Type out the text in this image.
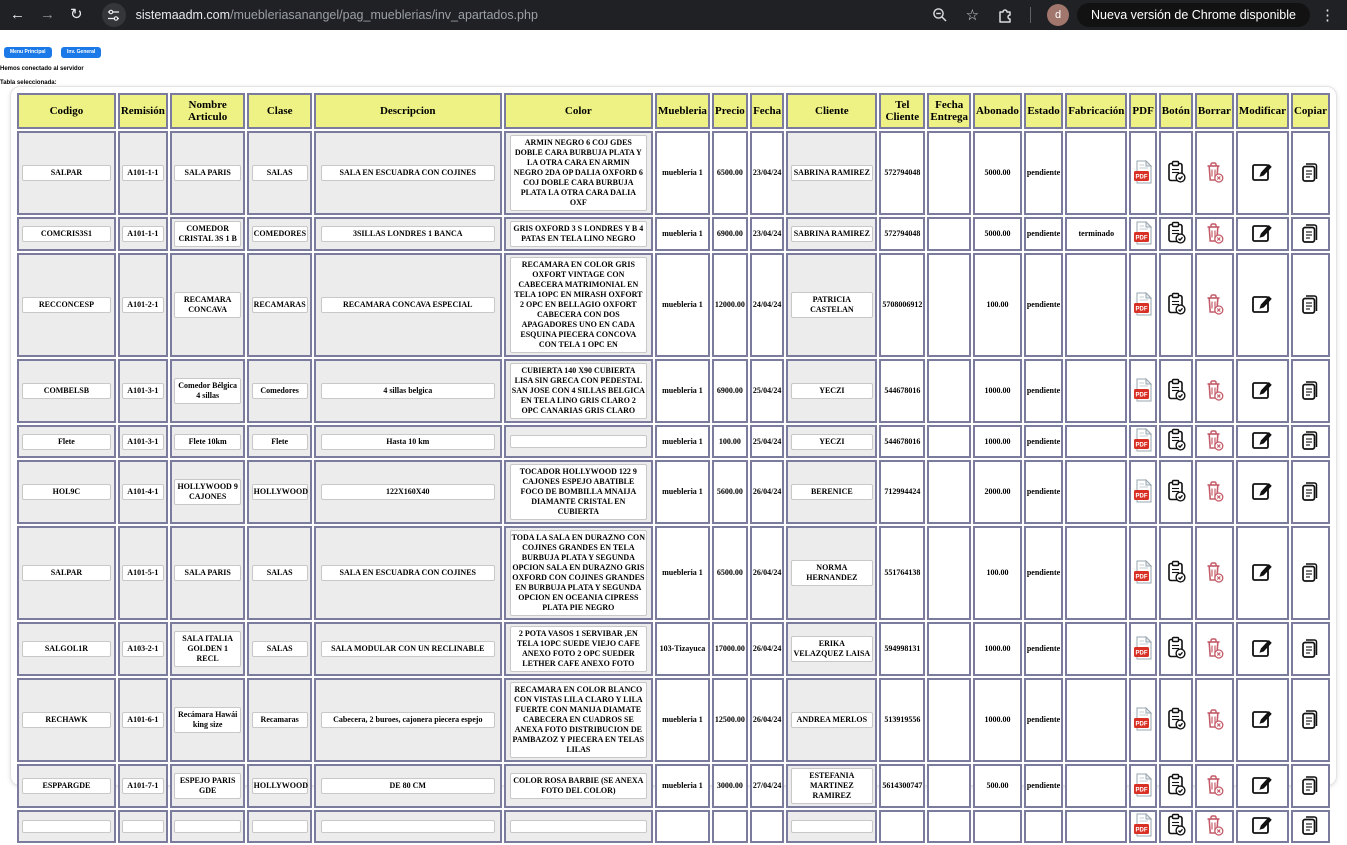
← → ↻	sistemaadm.com/muebleriasanangel/pag_mueblerias/inv_apartados.php	☆	d	Nueva versión de Chrome disponible	⋮
Menu Principal	Inv. General
Hemos conectado al servidor
Tabla seleccionada:
Codigo	Remisión	Nombre Articulo	Clase	Descripcion	Color	Muebleria	Precio	Fecha	Cliente	Tel Cliente	Fecha Entrega	Abonado	Estado	Fabricación	PDF	Botón	Borrar	Modificar	Copiar

SALPAR	A101-1-1	SALA PARIS	SALAS	SALA EN ESCUADRA CON COJINES	ARMIN NEGRO 6 COJ GDES DOBLE CARA BURBUJA PLATA Y LA OTRA CARA EN ARMIN NEGRO 2DA OP DALIA OXFORD 6 COJ DOBLE CARA BURBUJA PLATA LA OTRA CARA DALIA OXF	muebleria 1	6500.00	23/04/24	SABRINA RAMIREZ	572794048		5000.00	pendiente		PDF

COMCRIS3S1	A101-1-1	COMEDOR CRISTAL 3S 1 B	COMEDORES	3SILLAS LONDRES 1 BANCA	GRIS OXFORD 3 S LONDRES Y B 4 PATAS EN TELA LINO NEGRO	muebleria 1	6900.00	23/04/24	SABRINA RAMIREZ	572794048		5000.00	pendiente	terminado	PDF

RECCONCESP	A101-2-1	RECAMARA CONCAVA	RECAMARAS	RECAMARA CONCAVA ESPECIAL	RECAMARA EN COLOR GRIS OXFORT VINTAGE CON CABECERA MATRIMONIAL EN TELA 1OPC EN MIRASH OXFORT 2 OPC EN BELLAGIO OXFORT CABECERA CON DOS APAGADORES UNO EN CADA ESQUINA PIECERA CONCOVA CON TELA 1 OPC EN	muebleria 1	12000.00	24/04/24	PATRICIA CASTELAN	5708006912		100.00	pendiente		PDF

COMBELSB	A101-3-1	Comedor Bélgica 4 sillas	Comedores	4 sillas belgica	CUBIERTA 140 X90 CUBIERTA LISA SIN GRECA CON PEDESTAL SAN JOSE CON 4 SILLAS BELGICA EN TELA LINO GRIS CLARO 2 OPC CANARIAS GRIS CLARO	muebleria 1	6900.00	25/04/24	YECZI	544678016		1000.00	pendiente		PDF

Flete	A101-3-1	Flete 10km	Flete	Hasta 10 km		muebleria 1	100.00	25/04/24	YECZI	544678016		1000.00	pendiente		PDF

HOL9C	A101-4-1	HOLLYWOOD 9 CAJONES	HOLLYWOOD	122X160X40	TOCADOR HOLLYWOOD 122 9 CAJONES ESPEJO ABATIBLE FOCO DE BOMBILLA MNAIJA DIAMANTE CRISTAL EN CUBIERTA	muebleria 1	5600.00	26/04/24	BERENICE	712994424		2000.00	pendiente		PDF

SALPAR	A101-5-1	SALA PARIS	SALAS	SALA EN ESCUADRA CON COJINES	TODA LA SALA EN DURAZNO CON COJINES GRANDES EN TELA BURBUJA PLATA Y SEGUNDA OPCION SALA EN DURAZNO GRIS OXFORD CON COJINES GRANDES EN BURBUJA PLATA Y SEGUNDA OPCION EN OCEANIA CIPRESS PLATA PIE NEGRO	muebleria 1	6500.00	26/04/24	NORMA HERNANDEZ	551764138		100.00	pendiente		PDF

SALGOL1R	A103-2-1	SALA ITALIA GOLDEN 1 RECL	SALAS	SALA MODULAR CON UN RECLINABLE	2 POTA VASOS 1 SERVIBAR ,EN TELA 1OPC SUEDE VIEJO CAFE ANEXO FOTO 2 OPC SUEDER LETHER CAFE ANEXO FOTO	103-Tizayuca	17000.00	26/04/24	ERIKA VELAZQUEZ LAISA	594998131		1000.00	pendiente		PDF

RECHAWK	A101-6-1	Recámara Hawái king size	Recamaras	Cabecera, 2 buroes, cajonera piecera espejo	RECAMARA EN COLOR BLANCO CON VISTAS LILA CLARO Y LILA FUERTE CON MANIJA DIAMATE CABECERA EN CUADROS SE ANEXA FOTO DISTRIBUCION DE PAMBAZOZ Y PIECERA EN TELAS LILAS	muebleria 1	12500.00	26/04/24	ANDREA MERLOS	513919556		1000.00	pendiente		PDF

ESPPARGDE	A101-7-1	ESPEJO PARIS GDE	HOLLYWOOD	DE 80 CM	COLOR ROSA BARBIE (SE ANEXA FOTO DEL COLOR)	muebleria 1	3000.00	27/04/24	ESTEFANIA MARTINEZ RAMIREZ	5614300747		500.00	pendiente		PDF

PDF
